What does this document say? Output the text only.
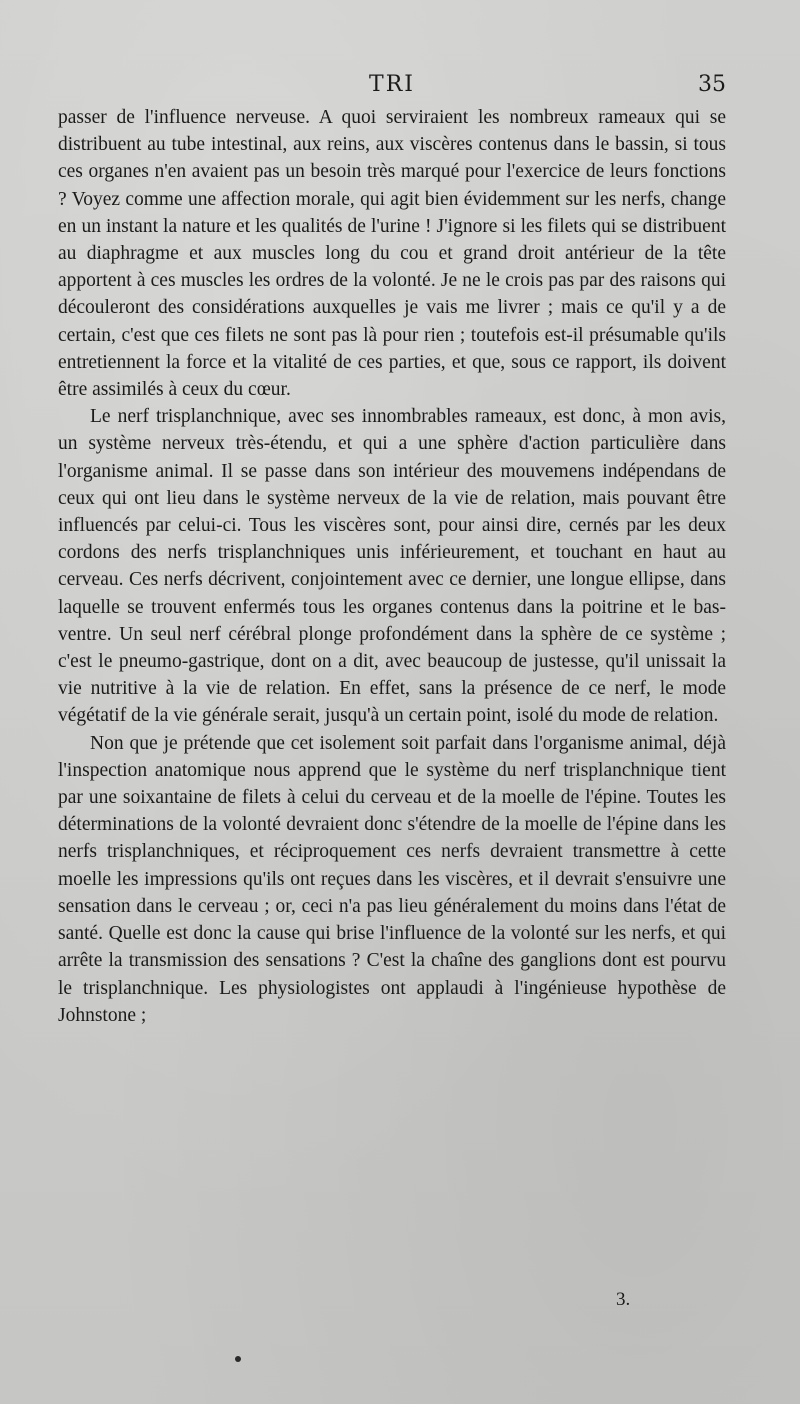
TRI	35

passer de l'influence nerveuse. A quoi serviraient les nombreux rameaux qui se distribuent au tube intestinal, aux reins, aux viscères contenus dans le bassin, si tous ces organes n'en avaient pas un besoin très marqué pour l'exercice de leurs fonctions ? Voyez comme une affection morale, qui agit bien évidemment sur les nerfs, change en un instant la nature et les qualités de l'urine ! J'ignore si les filets qui se distribuent au diaphragme et aux muscles long du cou et grand droit antérieur de la tête apportent à ces muscles les ordres de la volonté. Je ne le crois pas par des raisons qui découleront des considérations auxquelles je vais me livrer ; mais ce qu'il y a de certain, c'est que ces filets ne sont pas là pour rien ; toutefois est-il présumable qu'ils entretiennent la force et la vitalité de ces parties, et que, sous ce rapport, ils doivent être assimilés à ceux du cœur.

Le nerf trisplanchnique, avec ses innombrables rameaux, est donc, à mon avis, un système nerveux très-étendu, et qui a une sphère d'action particulière dans l'organisme animal. Il se passe dans son intérieur des mouvemens indépendans de ceux qui ont lieu dans le système nerveux de la vie de relation, mais pouvant être influencés par celui-ci. Tous les viscères sont, pour ainsi dire, cernés par les deux cordons des nerfs trisplanchniques unis inférieurement, et touchant en haut au cerveau. Ces nerfs décrivent, conjointement avec ce dernier, une longue ellipse, dans laquelle se trouvent enfermés tous les organes contenus dans la poitrine et le bas-ventre. Un seul nerf cérébral plonge profondément dans la sphère de ce système ; c'est le pneumo-gastrique, dont on a dit, avec beaucoup de justesse, qu'il unissait la vie nutritive à la vie de relation. En effet, sans la présence de ce nerf, le mode végétatif de la vie générale serait, jusqu'à un certain point, isolé du mode de relation.

Non que je prétende que cet isolement soit parfait dans l'organisme animal, déjà l'inspection anatomique nous apprend que le système du nerf trisplanchnique tient par une soixantaine de filets à celui du cerveau et de la moelle de l'épine. Toutes les déterminations de la volonté devraient donc s'étendre de la moelle de l'épine dans les nerfs trisplanchniques, et réciproquement ces nerfs devraient transmettre à cette moelle les impressions qu'ils ont reçues dans les viscères, et il devrait s'ensuivre une sensation dans le cerveau ; or, ceci n'a pas lieu généralement du moins dans l'état de santé. Quelle est donc la cause qui brise l'influence de la volonté sur les nerfs, et qui arrête la transmission des sensations ? C'est la chaîne des ganglions dont est pourvu le trisplanchnique. Les physiologistes ont applaudi à l'ingénieuse hypothèse de Johnstone ;

3.
